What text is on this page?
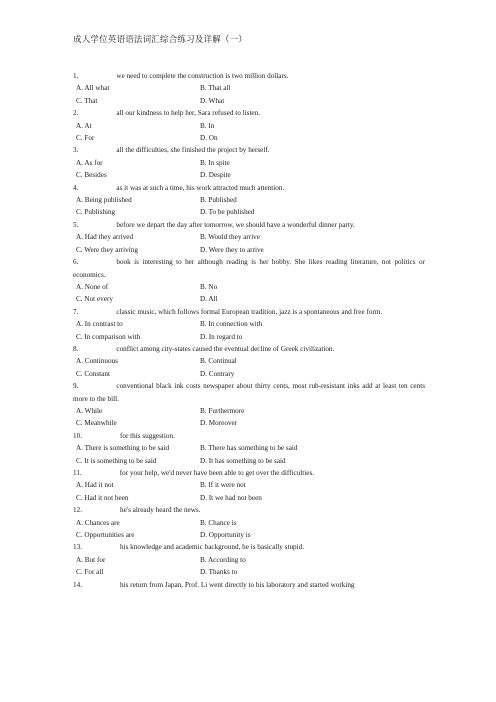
成人学位英语语法词汇综合练习及详解（一）
1.	we need to complete the construction is two million dollars.
A. All what	B. That all
C. That	D. What
2.	all our kindness to help her, Sara refused to listen.
A. At	B. In
C. For	D. On
3.	all the difficulties, she finished the project by herself.
A. As for	B. In spite
C. Besides	D. Despite
4.	as it was at such a time, his work attracted much attention.
A. Being published	B. Published
C. Publishing	D. To be published
5.	before we depart the day after tomorrow, we should have a wonderful dinner party.
A. Had they arrived	B. Would they arrive
C. Were they arriving	D. Were they to arrive
6.	book is interesting to her although reading is her hobby. She likes reading literature, not politics or economics.
A. None of	B. No
C. Not every	D. All
7.	classic music, which follows formal European tradition, jazz is a spontaneous and free form.
A. In contrast to	B. In connection with
C. In comparison with	D. In regard to
8.	conflict among city-states caused the eventual decline of Greek civilization.
A. Continuous	B. Continual
C. Constant	D. Contrary
9.	conventional black ink costs newspaper about thirty cents, most rub-resistant inks add at least ten cents more to the bill.
A. While	B. Furthermore
C. Meanwhile	D. Moreover
10.	for this suggestion.
A. There is something to be said	B. There has something to be said
C. It is something to be said	D. It has something to be said
11.	for your help, we'd never have been able to get over the difficulties.
A. Had it not	B. If it were not
C. Had it not been	D. It we had not been
12.	he's already heard the news.
A. Chances are	B. Chance is
C. Opportunities are	D. Opportunity is
13.	his knowledge and academic background, he is basically stupid.
A. But for	B. According to
C. For all	D. Thanks to
14.	his return from Japan, Prof. Li went directly to his laboratory and started working
